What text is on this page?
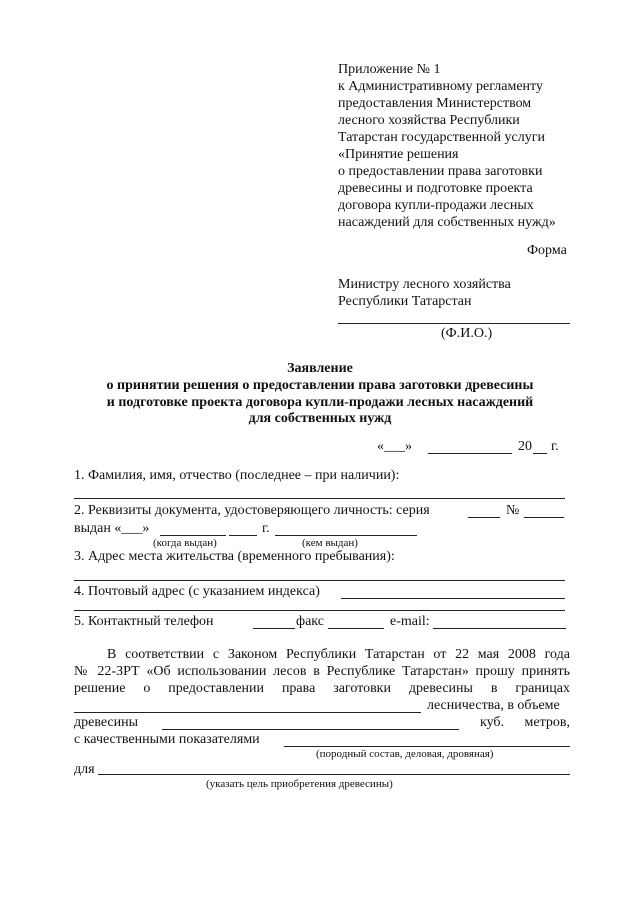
Приложение № 1
к Административному регламенту
предоставления Министерством
лесного хозяйства Республики
Татарстан государственной услуги
«Принятие решения
о предоставлении права заготовки
древесины и подготовке проекта
договора купли-продажи лесных
насаждений для собственных нужд»
Форма
Министру лесного хозяйства
Республики Татарстан
(Ф.И.О.)
Заявление
о принятии решения о предоставлении права заготовки древесины
и подготовке проекта договора купли-продажи лесных насаждений
для собственных нужд
«___»	20 г.
1. Фамилия, имя, отчество (последнее – при наличии):
2. Реквизиты документа, удостоверяющего личность: серия	№
выдан «___»	г.
(когда выдан)	(кем выдан)
3. Адрес места жительства (временного пребывания):
4. Почтовый адрес (с указанием индекса)
5. Контактный телефон	факс	e-mail:
В соответствии с Законом Республики Татарстан от 22 мая 2008 года
№ 22-ЗРТ «Об использовании лесов в Республике Татарстан» прошу принять
решение о предоставлении права заготовки древесины в границах
лесничества, в объеме
древесины	куб. метров,
с качественными показателями
(породный состав, деловая, дровяная)
для
(указать цель приобретения древесины)
